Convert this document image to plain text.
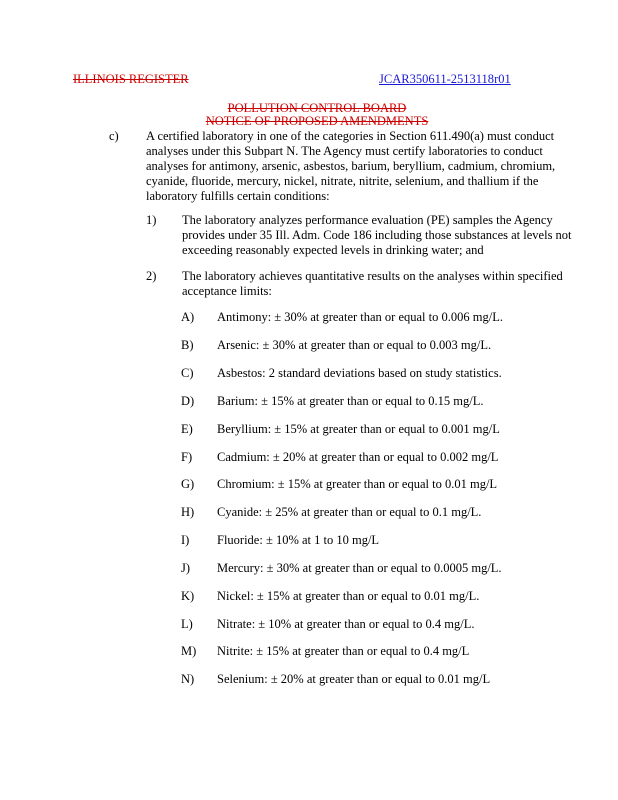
ILLINOIS REGISTER	JCAR350611-2513118r01
POLLUTION CONTROL BOARD
NOTICE OF PROPOSED AMENDMENTS
c) A certified laboratory in one of the categories in Section 611.490(a) must conduct analyses under this Subpart N. The Agency must certify laboratories to conduct analyses for antimony, arsenic, asbestos, barium, beryllium, cadmium, chromium, cyanide, fluoride, mercury, nickel, nitrate, nitrite, selenium, and thallium if the laboratory fulfills certain conditions:
1) The laboratory analyzes performance evaluation (PE) samples the Agency provides under 35 Ill. Adm. Code 186 including those substances at levels not exceeding reasonably expected levels in drinking water; and
2) The laboratory achieves quantitative results on the analyses within specified acceptance limits:
A) Antimony: ± 30% at greater than or equal to 0.006 mg/L.
B) Arsenic: ± 30% at greater than or equal to 0.003 mg/L.
C) Asbestos: 2 standard deviations based on study statistics.
D) Barium: ± 15% at greater than or equal to 0.15 mg/L.
E) Beryllium: ± 15% at greater than or equal to 0.001 mg/L
F) Cadmium: ± 20% at greater than or equal to 0.002 mg/L
G) Chromium: ± 15% at greater than or equal to 0.01 mg/L
H) Cyanide: ± 25% at greater than or equal to 0.1 mg/L.
I) Fluoride: ± 10% at 1 to 10 mg/L
J) Mercury: ± 30% at greater than or equal to 0.0005 mg/L.
K) Nickel: ± 15% at greater than or equal to 0.01 mg/L.
L) Nitrate: ± 10% at greater than or equal to 0.4 mg/L.
M) Nitrite: ± 15% at greater than or equal to 0.4 mg/L
N) Selenium: ± 20% at greater than or equal to 0.01 mg/L
